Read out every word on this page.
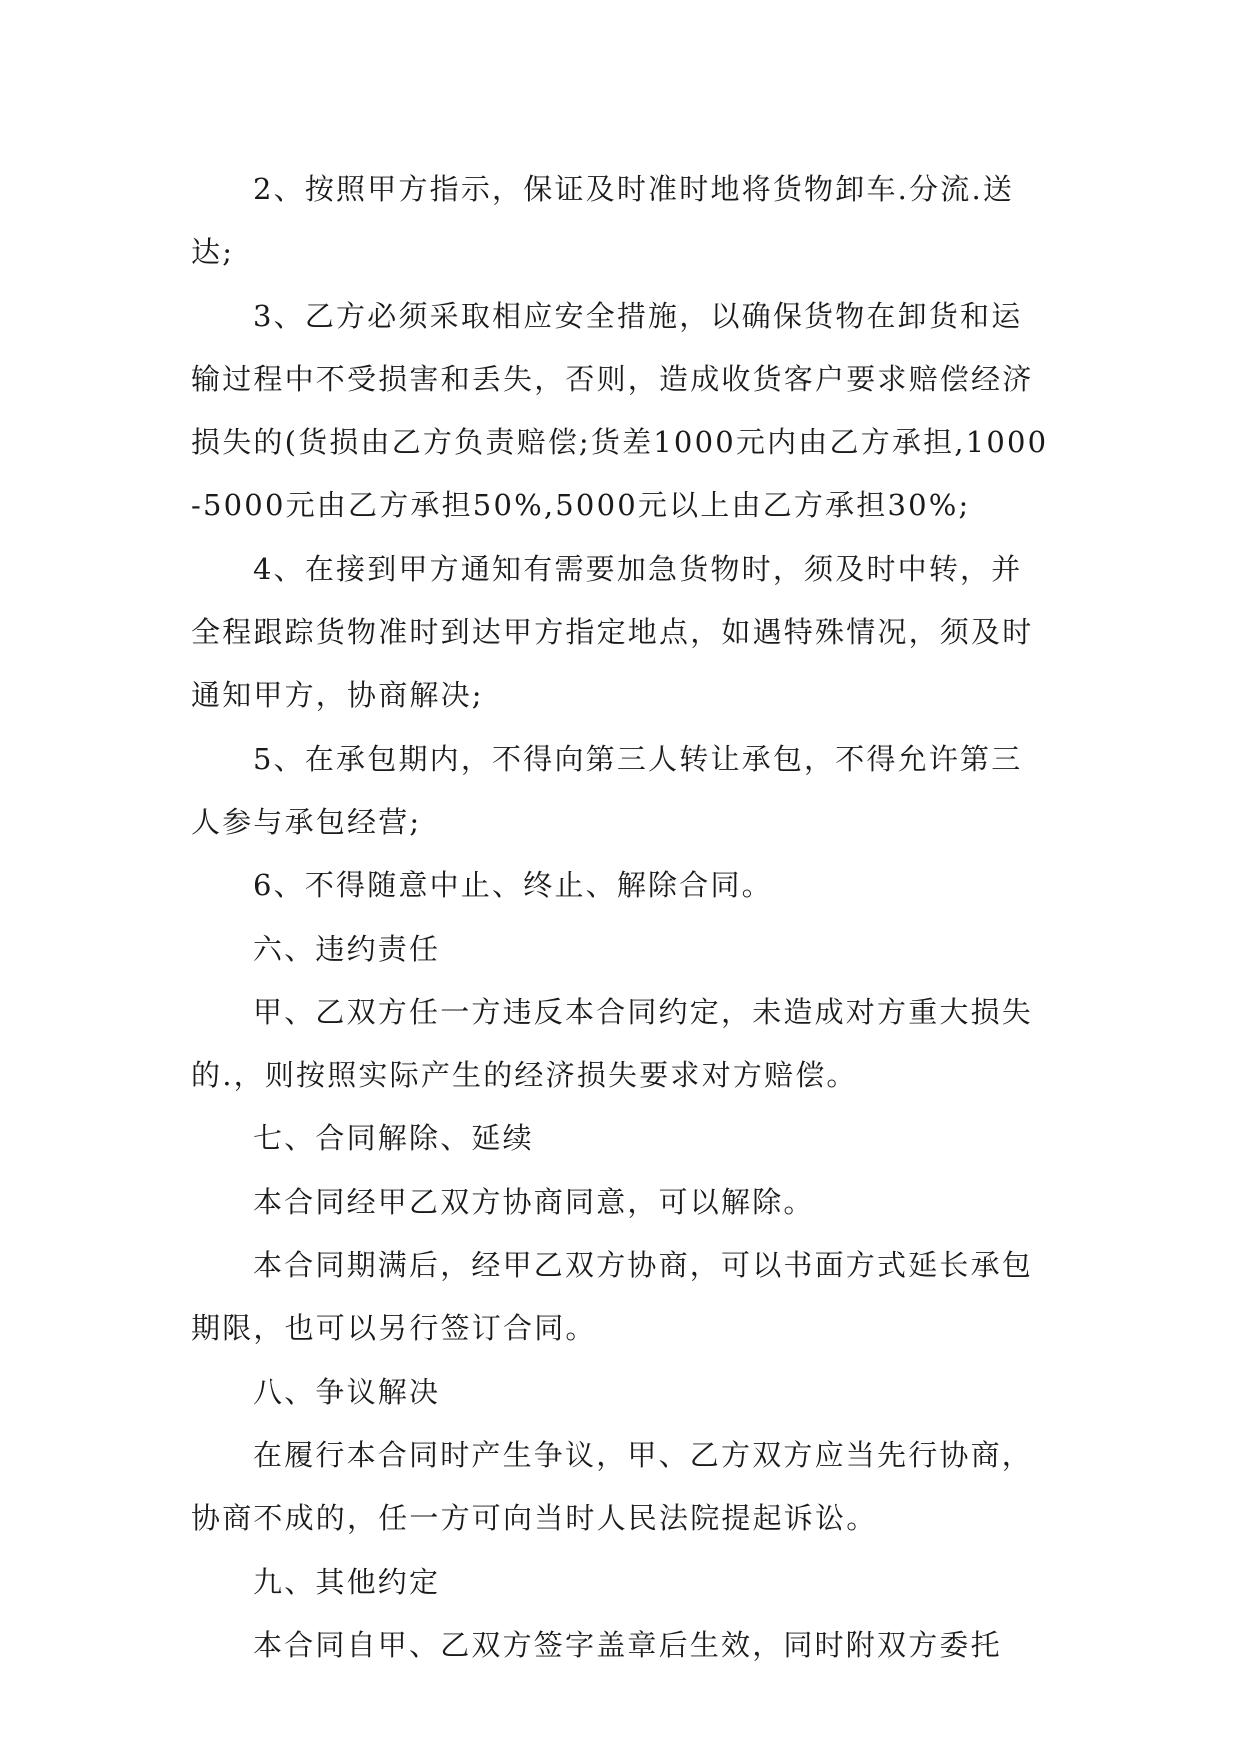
2、按照甲方指示，保证及时准时地将货物卸车.分流.送达;

3、乙方必须采取相应安全措施，以确保货物在卸货和运输过程中不受损害和丢失，否则，造成收货客户要求赔偿经济损失的(货损由乙方负责赔偿;货差1000元内由乙方承担,1000-5000元由乙方承担50%,5000元以上由乙方承担30%;

4、在接到甲方通知有需要加急货物时，须及时中转，并全程跟踪货物准时到达甲方指定地点，如遇特殊情况，须及时通知甲方，协商解决;

5、在承包期内，不得向第三人转让承包，不得允许第三人参与承包经营;

6、不得随意中止、终止、解除合同。

六、违约责任

甲、乙双方任一方违反本合同约定，未造成对方重大损失的.，则按照实际产生的经济损失要求对方赔偿。

七、合同解除、延续

本合同经甲乙双方协商同意，可以解除。

本合同期满后，经甲乙双方协商，可以书面方式延长承包期限，也可以另行签订合同。

八、争议解决

在履行本合同时产生争议，甲、乙方双方应当先行协商，协商不成的，任一方可向当时人民法院提起诉讼。

九、其他约定

本合同自甲、乙双方签字盖章后生效，同时附双方委托
